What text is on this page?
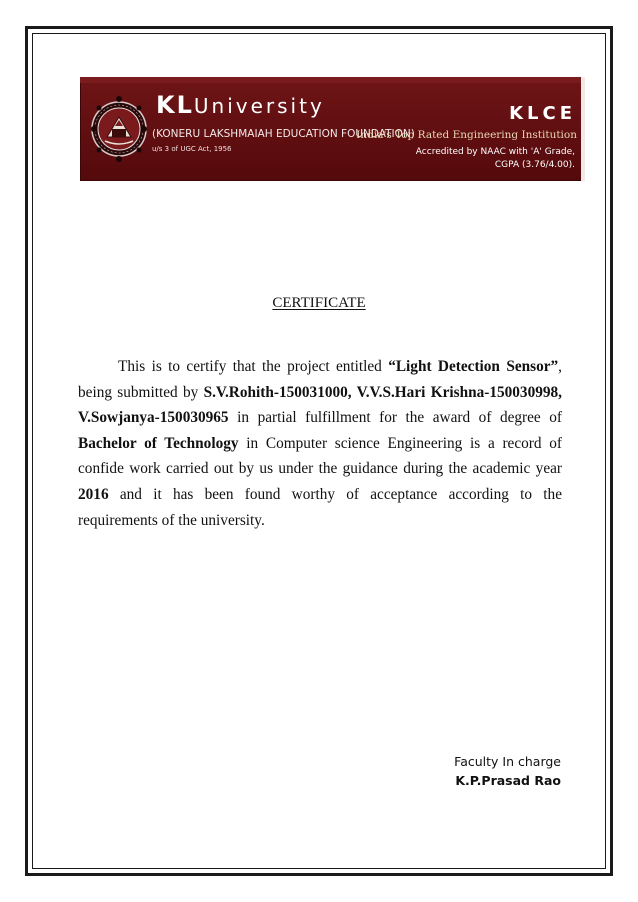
KLUniversity
(KONERU LAKSHMAIAH EDUCATION FOUNDATION)
u/s 3 of UGC Act, 1956
KLCE
India's Top Rated Engineering Institution
Accredited by NAAC with 'A' Grade,
CGPA (3.76/4.00).
CERTIFICATE
This is to certify that the project entitled “Light Detection Sensor”, being submitted by S.V.Rohith-150031000, V.V.S.Hari Krishna-150030998, V.Sowjanya-150030965 in partial fulfillment for the award of degree of Bachelor of Technology in Computer science Engineering is a record of confide work carried out by us under the guidance during the academic year 2016 and it has been found worthy of acceptance according to the requirements of the university.
Faculty In charge
K.P.Prasad Rao
